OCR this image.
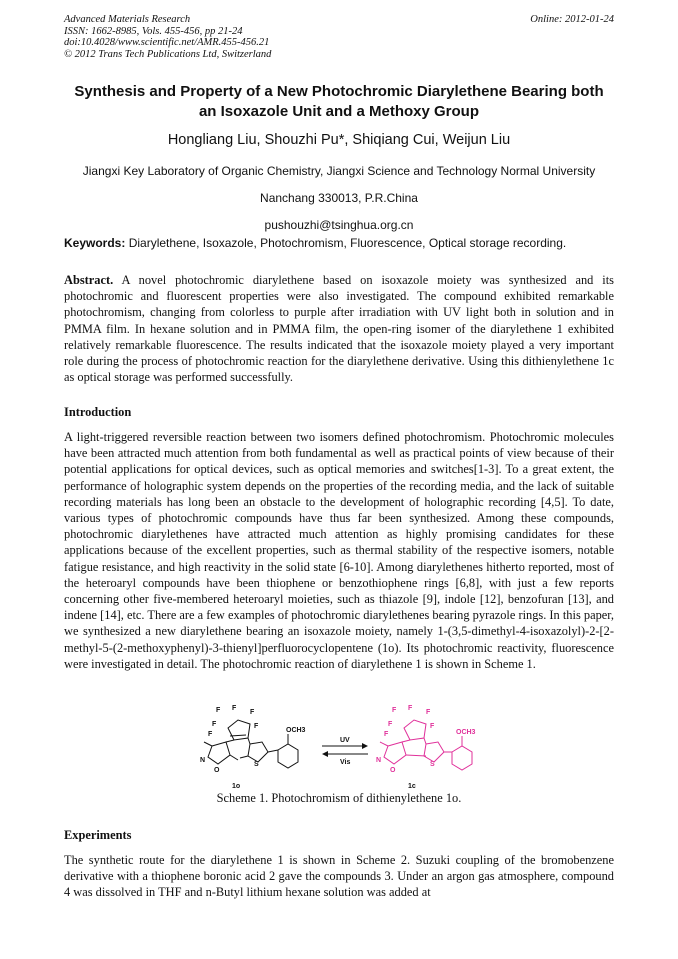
Advanced Materials Research
ISSN: 1662-8985, Vols. 455-456, pp 21-24
doi:10.4028/www.scientific.net/AMR.455-456.21
© 2012 Trans Tech Publications Ltd, Switzerland
Online: 2012-01-24
Synthesis and Property of a New Photochromic Diarylethene Bearing both an Isoxazole Unit and a Methoxy Group
Hongliang Liu, Shouzhi Pu*, Shiqiang Cui, Weijun Liu
Jiangxi Key Laboratory of Organic Chemistry, Jiangxi Science and Technology Normal University
Nanchang 330013, P.R.China
pushouzhi@tsinghua.org.cn
Keywords: Diarylethene, Isoxazole, Photochromism, Fluorescence, Optical storage recording.
Abstract. A novel photochromic diarylethene based on isoxazole moiety was synthesized and its photochromic and fluorescent properties were also investigated. The compound exhibited remarkable photochromism, changing from colorless to purple after irradiation with UV light both in solution and in PMMA film. In hexane solution and in PMMA film, the open-ring isomer of the diarylethene 1 exhibited relatively remarkable fluorescence. The results indicated that the isoxazole moiety played a very important role during the process of photochromic reaction for the diarylethene derivative. Using this dithienylethene 1c as optical storage was performed successfully.
Introduction
A light-triggered reversible reaction between two isomers defined photochromism. Photochromic molecules have been attracted much attention from both fundamental as well as practical points of view because of their potential applications for optical devices, such as optical memories and switches[1-3]. To a great extent, the performance of holographic system depends on the properties of the recording media, and the lack of suitable recording materials has long been an obstacle to the development of holographic recording [4,5]. To date, various types of photochromic compounds have thus far been synthesized. Among these compounds, photochromic diarylethenes have attracted much attention as highly promising candidates for these applications because of the excellent properties, such as thermal stability of the respective isomers, notable fatigue resistance, and high reactivity in the solid state [6-10]. Among diarylethenes hitherto reported, most of the heteroaryl compounds have been thiophene or benzothiophene rings [6,8], with just a few reports concerning other five-membered heteroaryl moieties, such as thiazole [9], indole [12], benzofuran [13], and indene [14], etc. There are a few examples of photochromic diarylethenes bearing pyrazole rings. In this paper, we synthesized a new diarylethene bearing an isoxazole moiety, namely 1-(3,5-dimethyl-4-isoxazolyl)-2-[2-methyl-5-(2-methoxyphenyl)-3-thienyl]perfluorocyclopentene (1o). Its photochromic reactivity, fluorescence were investigated in detail. The photochromic reaction of diarylethene 1 is shown in Scheme 1.
F F
F
F	F
F
N
O
S
OCH3
1o
UV
Vis
F F
F
F	F
F
N
O
S
OCH3
1c
Scheme 1. Photochromism of dithienylethene 1o.
Experiments
The synthetic route for the diarylethene 1 is shown in Scheme 2. Suzuki coupling of the bromobenzene derivative with a thiophene boronic acid 2 gave the compounds 3. Under an argon gas atmosphere, compound 4 was dissolved in THF and n-Butyl lithium hexane solution was added at
